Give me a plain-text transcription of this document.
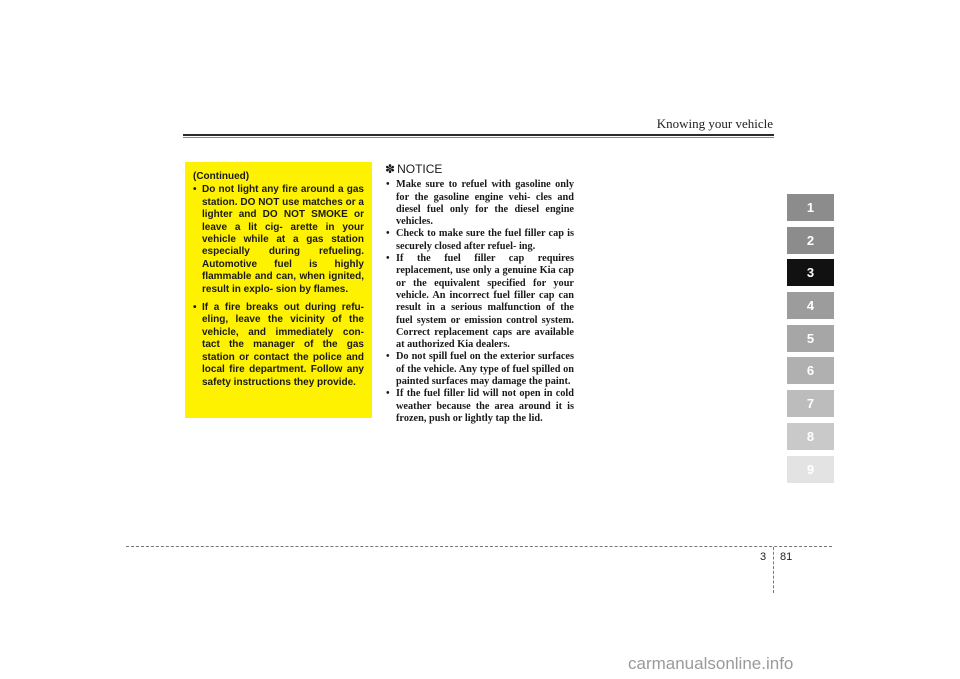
Knowing your vehicle
(Continued)
• Do not light any fire around a gas station. DO NOT use matches or a lighter and DO NOT SMOKE or leave a lit cig- arette in your vehicle while at a gas station especially during refueling. Automotive fuel is highly flammable and can, when ignited, result in explo- sion by flames.
• If a fire breaks out during refu- eling, leave the vicinity of the vehicle, and immediately con- tact the manager of the gas station or contact the police and local fire department. Follow any safety instructions they provide.
✽ NOTICE
• Make sure to refuel with gasoline only for the gasoline engine vehi- cles and diesel fuel only for the diesel engine vehicles.
• Check to make sure the fuel filler cap is securely closed after refuel- ing.
• If the fuel filler cap requires replacement, use only a genuine Kia cap or the equivalent specified for your vehicle. An incorrect fuel filler cap can result in a serious malfunction of the fuel system or emission control system. Correct replacement caps are available at authorized Kia dealers.
• Do not spill fuel on the exterior surfaces of the vehicle. Any type of fuel spilled on painted surfaces may damage the paint.
• If the fuel filler lid will not open in cold weather because the area around it is frozen, push or lightly tap the lid.
1
2
3
4
5
6
7
8
9
3 81
carmanualsonline.info
